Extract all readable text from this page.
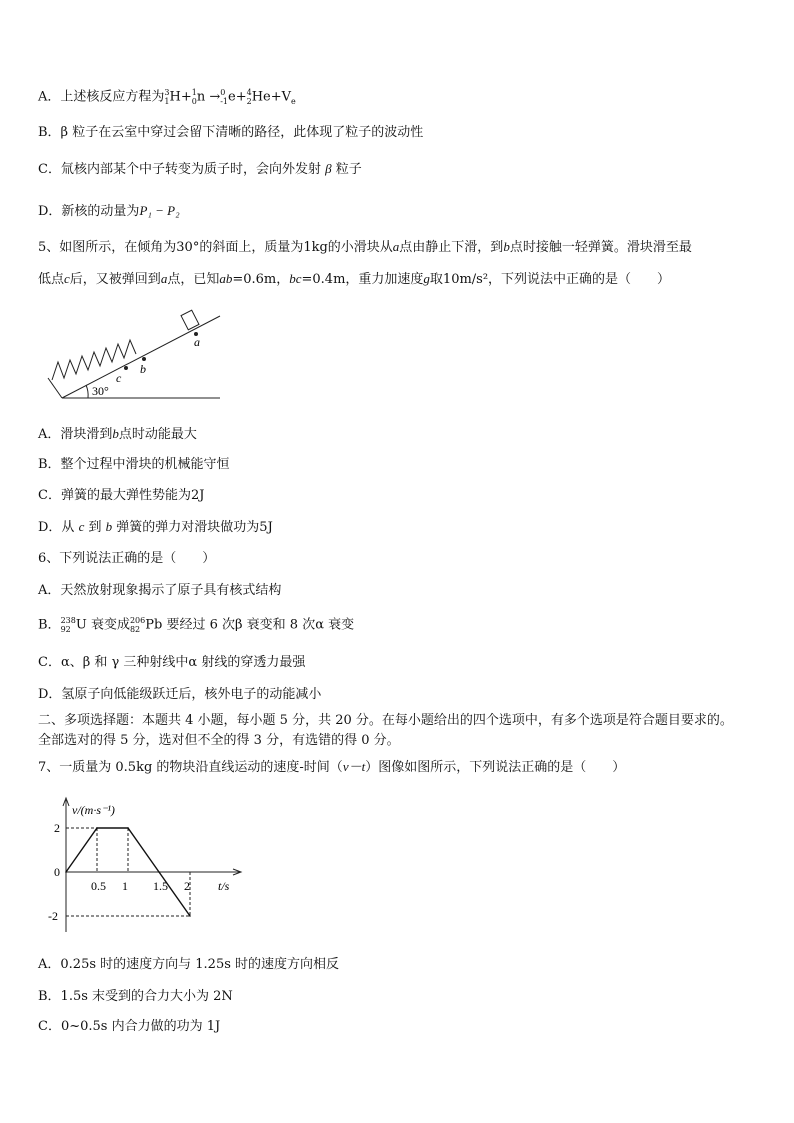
A．上述核反应方程为 3
1 H+ 1
0 n → 0
-1 e+ 4
2 $He+V_e$
B．β 粒子在云室中穿过会留下清晰的路径，此体现了粒子的波动性
C．氚核内部某个中子转变为质子时，会向外发射 β 粒子
D．新核的动量为P₁ − P₂
5、如图所示，在倾角为30°的斜面上，质量为1kg的小滑块从a点由静止下滑，到b点时接触一轻弹簧。滑块滑至最
低点c后，又被弹回到a点，已知ab=0.6m，bc=0.4m，重力加速度g取10m/s²，下列说法中正确的是（　　）
a
b
c
30°
A．滑块滑到b点时动能最大
B．整个过程中滑块的机械能守恒
C．弹簧的最大弹性势能为2J
D．从 c 到 b 弹簧的弹力对滑块做功为5J
6、下列说法正确的是（　　）
A．天然放射现象揭示了原子具有核式结构
B． 238
92 U 衰变成 206
82 Pb 要经过 6 次β 衰变和 8 次α 衰变
C．α、β 和 γ 三种射线中α 射线的穿透力最强
D．氢原子向低能级跃迁后，核外电子的动能减小
二、多项选择题：本题共 4 小题，每小题 5 分，共 20 分。在每小题给出的四个选项中，有多个选项是符合题目要求的。
全部选对的得 5 分，选对但不全的得 3 分，有选错的得 0 分。
7、一质量为 0.5kg 的物块沿直线运动的速度-时间（v－t）图像如图所示，下列说法正确的是（　　）
v/(m·s⁻¹)
t/s
2
0
-2
0.5 1 1.5 2
A．0.25s 时的速度方向与 1.25s 时的速度方向相反
B．1.5s 末受到的合力大小为 2N
C．0~0.5s 内合力做的功为 1J
